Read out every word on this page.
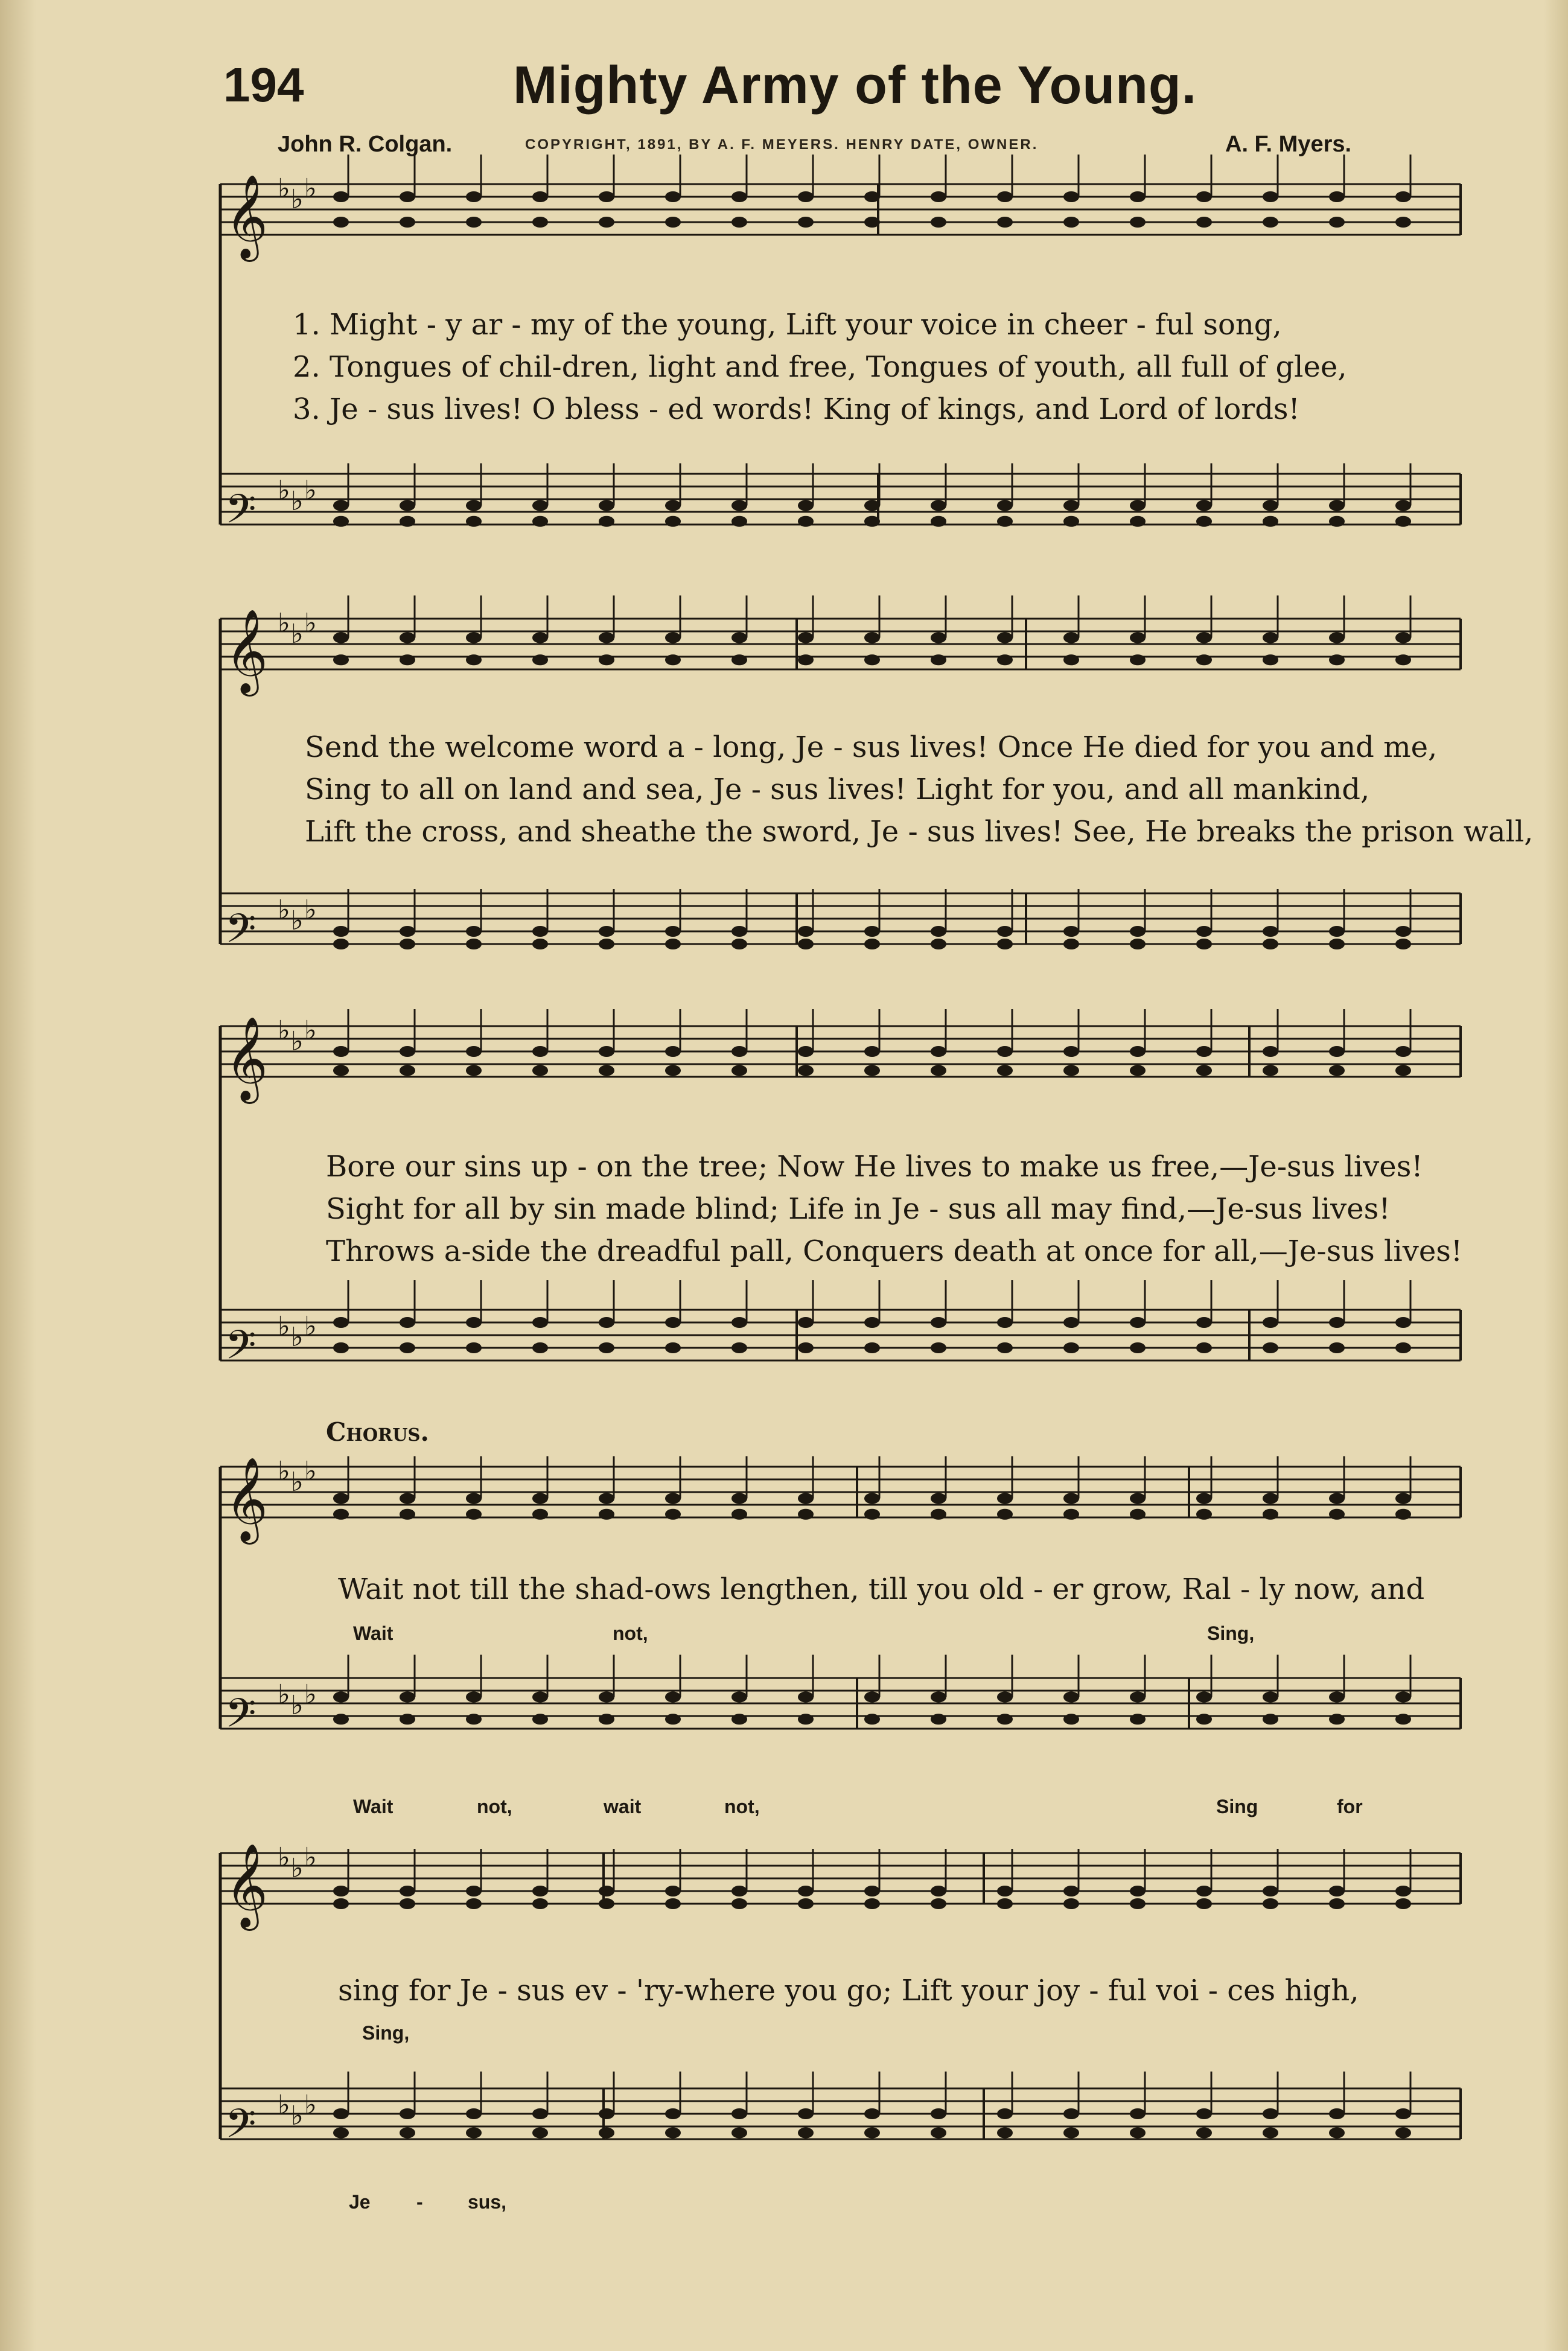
194	Mighty Army of the Young.
John R. Colgan.	COPYRIGHT, 1891, BY A. F. MEYERS. HENRY DATE, OWNER.	A. F. Myers.
𝄞 ♭ ♭ ♭
𝄢 ♭ ♭ ♭
𝄞 ♭ ♭ ♭
𝄢 ♭ ♭ ♭
𝄞 ♭ ♭ ♭
𝄢 ♭ ♭ ♭
𝄞 ♭ ♭ ♭
𝄢 ♭ ♭ ♭
𝄞 ♭ ♭ ♭
𝄢 ♭ ♭ ♭
1. Might - y ar - my of the young, Lift your voice in cheer - ful song,
2. Tongues of chil-dren, light and free, Tongues of youth, all full of glee,
3. Je - sus lives! O bless - ed words! King of kings, and Lord of lords!
Send the welcome word a - long, Je - sus lives! Once He died for you and me,
Sing to all on land and sea, Je - sus lives! Light for you, and all mankind,
Lift the cross, and sheathe the sword, Je - sus lives! See, He breaks the prison wall,
Bore our sins up - on the tree; Now He lives to make us free,—Je-sus lives!
Sight for all by sin made blind; Life in Je - sus all may find,—Je-sus lives!
Throws a-side the dreadful pall, Conquers death at once for all,—Je-sus lives!
Chorus.
Wait not till the shad-ows lengthen, till you old - er grow, Ral - ly now, and
Wait	not,	Sing,
Wait	not,	wait	not,	Sing	for
sing for Je - sus ev - 'ry-where you go; Lift your joy - ful voi - ces high,
Sing,
Je - sus,
